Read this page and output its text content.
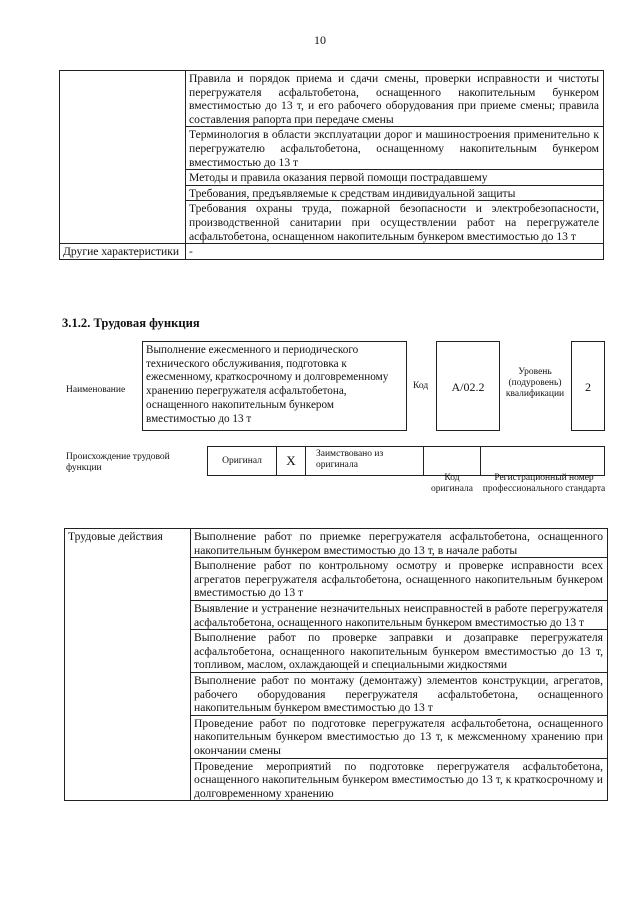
10
	Правила и порядок приема и сдачи смены, проверки исправности и чистоты перегружателя асфальтобетона, оснащенного накопительным бункером вместимостью до 13 т, и его рабочего оборудования при приеме смены; правила составления рапорта при передаче смены
	Терминология в области эксплуатации дорог и машиностроения применительно к перегружателю асфальтобетона, оснащенному накопительным бункером вместимостью до 13 т
	Методы и правила оказания первой помощи пострадавшему
	Требования, предъявляемые к средствам индивидуальной защиты
	Требования охраны труда, пожарной безопасности и электробезопасности, производственной санитарии при осуществлении работ на перегружателе асфальтобетона, оснащенном накопительным бункером вместимостью до 13 т
Другие характеристики	-
3.1.2. Трудовая функция
Наименование
Выполнение ежесменного и периодического технического обслуживания, подготовка к ежесменному, краткосрочному и долговременному хранению перегружателя асфальтобетона, оснащенного накопительным бункером вместимостью до 13 т
Код	A/02.2
Уровень (подуровень) квалификации	2
Происхождение трудовой функции
Оригинал	X	Заимствовано из оригинала
Код оригинала
Регистрационный номер профессионального стандарта
Трудовые действия	Выполнение работ по приемке перегружателя асфальтобетона, оснащенного накопительным бункером вместимостью до 13 т, в начале работы
Выполнение работ по контрольному осмотру и проверке исправности всех агрегатов перегружателя асфальтобетона, оснащенного накопительным бункером вместимостью до 13 т
Выявление и устранение незначительных неисправностей в работе перегружателя асфальтобетона, оснащенного накопительным бункером вместимостью до 13 т
Выполнение работ по проверке заправки и дозаправке перегружателя асфальтобетона, оснащенного накопительным бункером вместимостью до 13 т, топливом, маслом, охлаждающей и специальными жидкостями
Выполнение работ по монтажу (демонтажу) элементов конструкции, агрегатов, рабочего оборудования перегружателя асфальтобетона, оснащенного накопительным бункером вместимостью до 13 т
Проведение работ по подготовке перегружателя асфальтобетона, оснащенного накопительным бункером вместимостью до 13 т, к межсменному хранению при окончании смены
Проведение мероприятий по подготовке перегружателя асфальтобетона, оснащенного накопительным бункером вместимостью до 13 т, к краткосрочному и долговременному хранению
